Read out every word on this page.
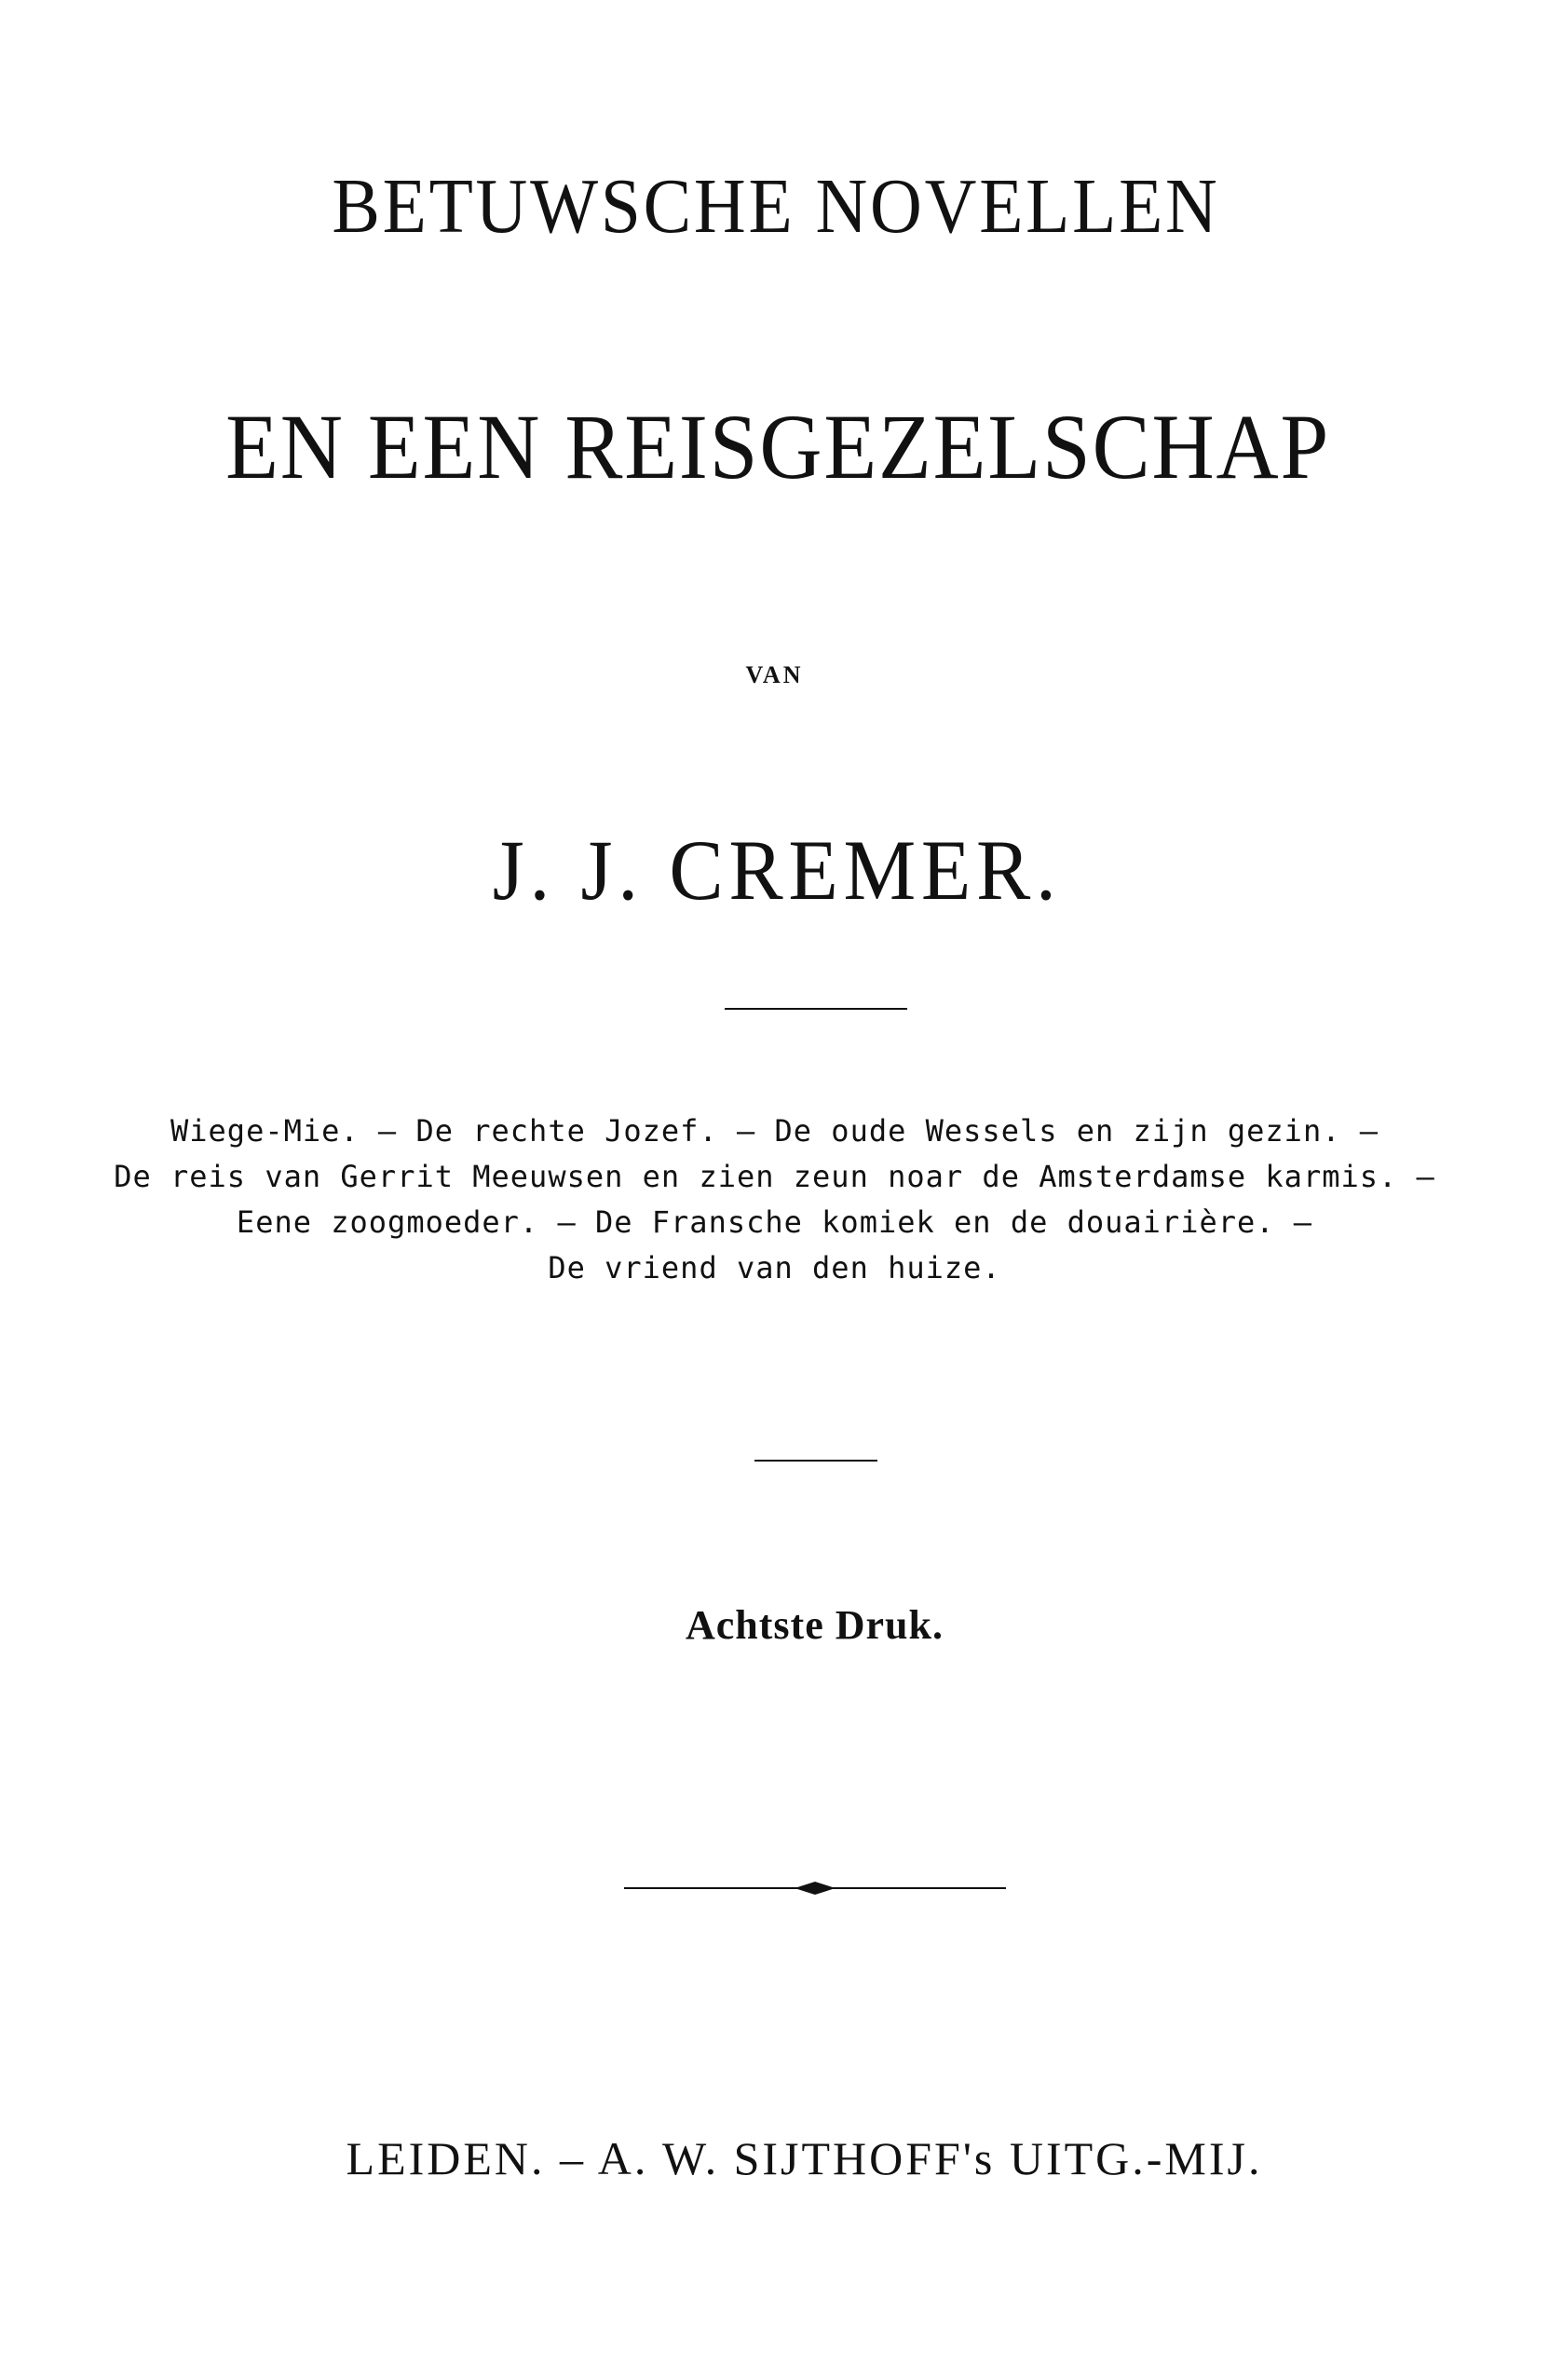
BETUWSCHE NOVELLEN
EN EEN REISGEZELSCHAP
VAN
J. J. CREMER.
Wiege-Mie. – De rechte Jozef. – De oude Wessels en zijn gezin. –
De reis van Gerrit Meeuwsen en zien zeun noar de Amsterdamse karmis. –
Eene zoogmoeder. – De Fransche komiek en de douairière. –
De vriend van den huize.
Achtste Druk.
LEIDEN. – A. W. SIJTHOFF's UITG.-MIJ.
